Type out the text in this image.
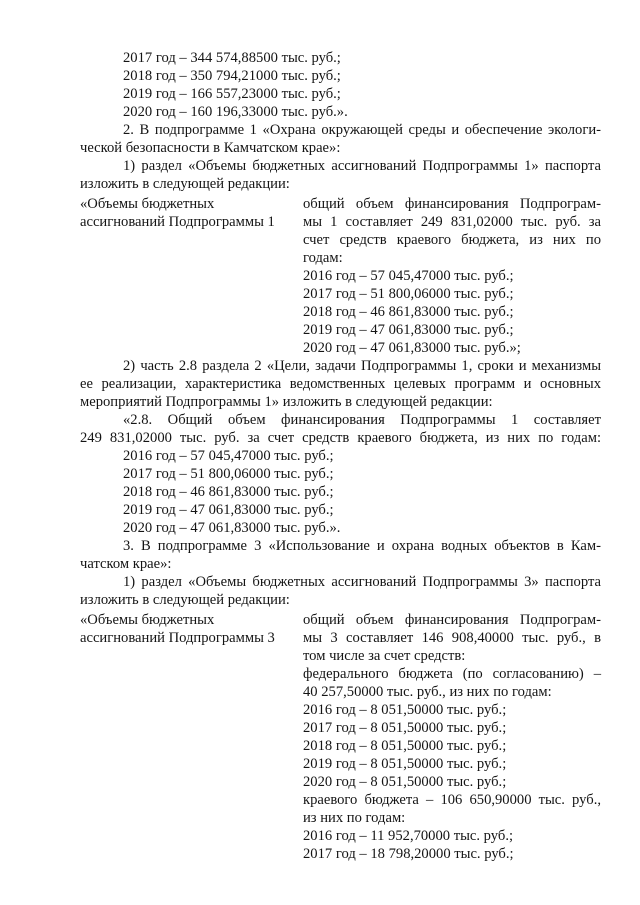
2017 год – 344 574,88500 тыс. руб.;
2018 год – 350 794,21000 тыс. руб.;
2019 год – 166 557,23000 тыс. руб.;
2020 год – 160 196,33000 тыс. руб.».
2. В подпрограмме 1 «Охрана окружающей среды и обеспечение экологи-
ческой безопасности в Камчатском крае»:
1) раздел «Объемы бюджетных ассигнований Подпрограммы 1» паспорта
изложить в следующей редакции:
«Объемы бюджетных
ассигнований Подпрограммы 1
общий объем финансирования Подпрограм-
мы 1 составляет 249 831,02000 тыс. руб. за
счет средств краевого бюджета, из них по
годам:
2016 год – 57 045,47000 тыс. руб.;
2017 год – 51 800,06000 тыс. руб.;
2018 год – 46 861,83000 тыс. руб.;
2019 год – 47 061,83000 тыс. руб.;
2020 год – 47 061,83000 тыс. руб.»;
2) часть 2.8 раздела 2 «Цели, задачи Подпрограммы 1, сроки и механизмы
ее реализации, характеристика ведомственных целевых программ и основных
мероприятий Подпрограммы 1» изложить в следующей редакции:
«2.8. Общий объем финансирования Подпрограммы 1 составляет
249 831,02000 тыс. руб. за счет средств краевого бюджета, из них по годам:
2016 год – 57 045,47000 тыс. руб.;
2017 год – 51 800,06000 тыс. руб.;
2018 год – 46 861,83000 тыс. руб.;
2019 год – 47 061,83000 тыс. руб.;
2020 год – 47 061,83000 тыс. руб.».
3. В подпрограмме 3 «Использование и охрана водных объектов в Кам-
чатском крае»:
1) раздел «Объемы бюджетных ассигнований Подпрограммы 3» паспорта
изложить в следующей редакции:
«Объемы бюджетных
ассигнований Подпрограммы 3
общий объем финансирования Подпрограм-
мы 3 составляет 146 908,40000 тыс. руб., в
том числе за счет средств:
федерального бюджета (по согласованию) –
40 257,50000 тыс. руб., из них по годам:
2016 год – 8 051,50000 тыс. руб.;
2017 год – 8 051,50000 тыс. руб.;
2018 год – 8 051,50000 тыс. руб.;
2019 год – 8 051,50000 тыс. руб.;
2020 год – 8 051,50000 тыс. руб.;
краевого бюджета – 106 650,90000 тыс. руб.,
из них по годам:
2016 год – 11 952,70000 тыс. руб.;
2017 год – 18 798,20000 тыс. руб.;
